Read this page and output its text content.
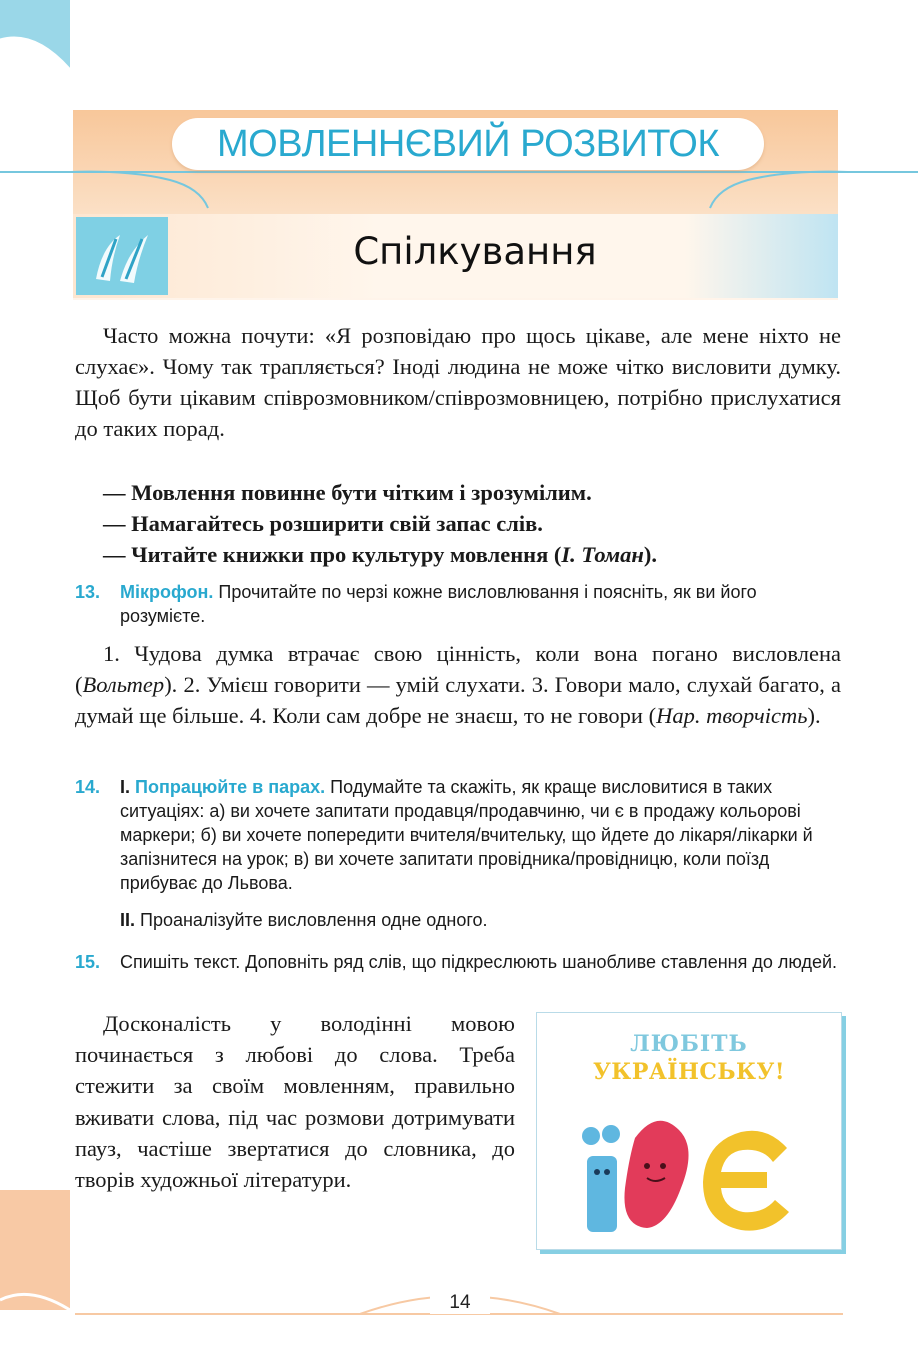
МОВЛЕННЄВИЙ РОЗВИТОК
Спілкування

Часто можна почути: «Я розповідаю про щось цікаве, але мене ніхто не слухає». Чому так трапляється? Іноді людина не може чітко висловити думку. Щоб бути цікавим співрозмовником/співрозмовницею, потрібно прислухатися до таких порад.

— Мовлення повинне бути чітким і зрозумілим.
— Намагайтесь розширити свій запас слів.
— Читайте книжки про культуру мовлення (І. Томан).
13. Мікрофон. Прочитайте по черзі кожне висловлювання і поясніть, як ви його розумієте.

1. Чудова думка втрачає свою цінність, коли вона погано висловлена (Вольтер). 2. Умієш говорити — умій слухати. 3. Говори мало, слухай багато, а думай ще більше. 4. Коли сам добре не знаєш, то не говори (Нар. творчість).

14. I. Попрацюйте в парах. Подумайте та скажіть, як краще висловитися в таких ситуаціях: а) ви хочете запитати продавця/продавчиню, чи є в продажу кольорові маркери; б) ви хочете попередити вчителя/вчительку, що йдете до лікаря/лікарки й запізнитеся на урок; в) ви хочете запитати провідника/провідницю, коли поїзд прибуває до Львова.
II. Проаналізуйте висловлення одне одного.
15. Спишіть текст. Доповніть ряд слів, що підкреслюють шанобливе ставлення до людей.

Досконалість у володінні мовою починається з любові до слова. Треба стежити за своїм мовленням, правильно вживати слова, під час розмови дотримувати пауз, частіше звертатися до словника, до творів художньої літератури.

ЛЮБІТЬ
УКРАЇНСЬКУ!
14
